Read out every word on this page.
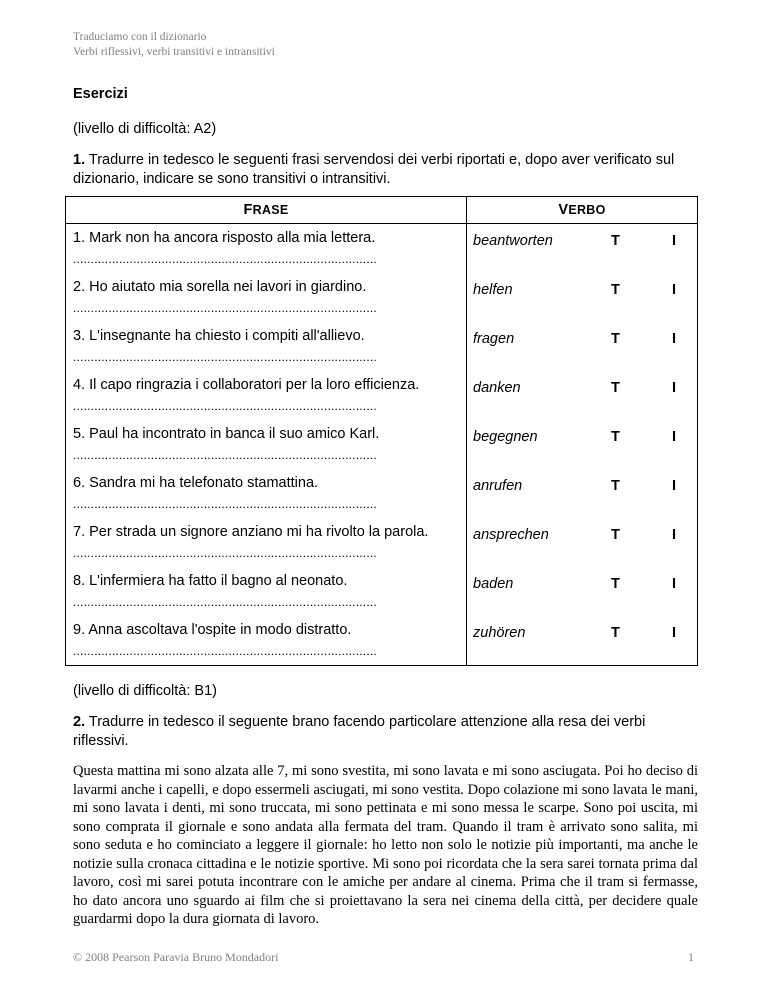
Traduciamo con il dizionario
Verbi riflessivi, verbi transitivi e intransitivi
Esercizi
(livello di difficoltà: A2)
1. Tradurre in tedesco le seguenti frasi servendosi dei verbi riportati e, dopo aver verificato sul dizionario, indicare se sono transitivi o intransitivi.
FRASE	VERBO

1. Mark non ha ancora risposto alla mia lettera.
......................................................................................	beantworten T I

2. Ho aiutato mia sorella nei lavori in giardino.
......................................................................................	helfen T I

3. L'insegnante ha chiesto i compiti all'allievo.
......................................................................................	fragen T I

4. Il capo ringrazia i collaboratori per la loro efficienza.
......................................................................................	danken T I

5. Paul ha incontrato in banca il suo amico Karl.
......................................................................................	begegnen T I

6. Sandra mi ha telefonato stamattina.
......................................................................................	anrufen T I

7. Per strada un signore anziano mi ha rivolto la parola.
......................................................................................	ansprechen T I

8. L'infermiera ha fatto il bagno al neonato.
......................................................................................	baden T I

9. Anna ascoltava l'ospite in modo distratto.
......................................................................................	zuhören T I
(livello di difficoltà: B1)
2. Tradurre in tedesco il seguente brano facendo particolare attenzione alla resa dei verbi riflessivi.
Questa mattina mi sono alzata alle 7, mi sono svestita, mi sono lavata e mi sono asciugata. Poi ho deciso di lavarmi anche i capelli, e dopo essermeli asciugati, mi sono vestita. Dopo colazione mi sono lavata le mani, mi sono lavata i denti, mi sono truccata, mi sono pettinata e mi sono messa le scarpe. Sono poi uscita, mi sono comprata il giornale e sono andata alla fermata del tram. Quando il tram è arrivato sono salita, mi sono seduta e ho cominciato a leggere il giornale: ho letto non solo le notizie più importanti, ma anche le notizie sulla cronaca cittadina e le notizie sportive. Mi sono poi ricordata che la sera sarei tornata prima dal lavoro, così mi sarei potuta incontrare con le amiche per andare al cinema. Prima che il tram si fermasse, ho dato ancora uno sguardo ai film che si proiettavano la sera nei cinema della città, per decidere quale guardarmi dopo la dura giornata di lavoro.
© 2008 Pearson Paravia Bruno Mondadori	1
